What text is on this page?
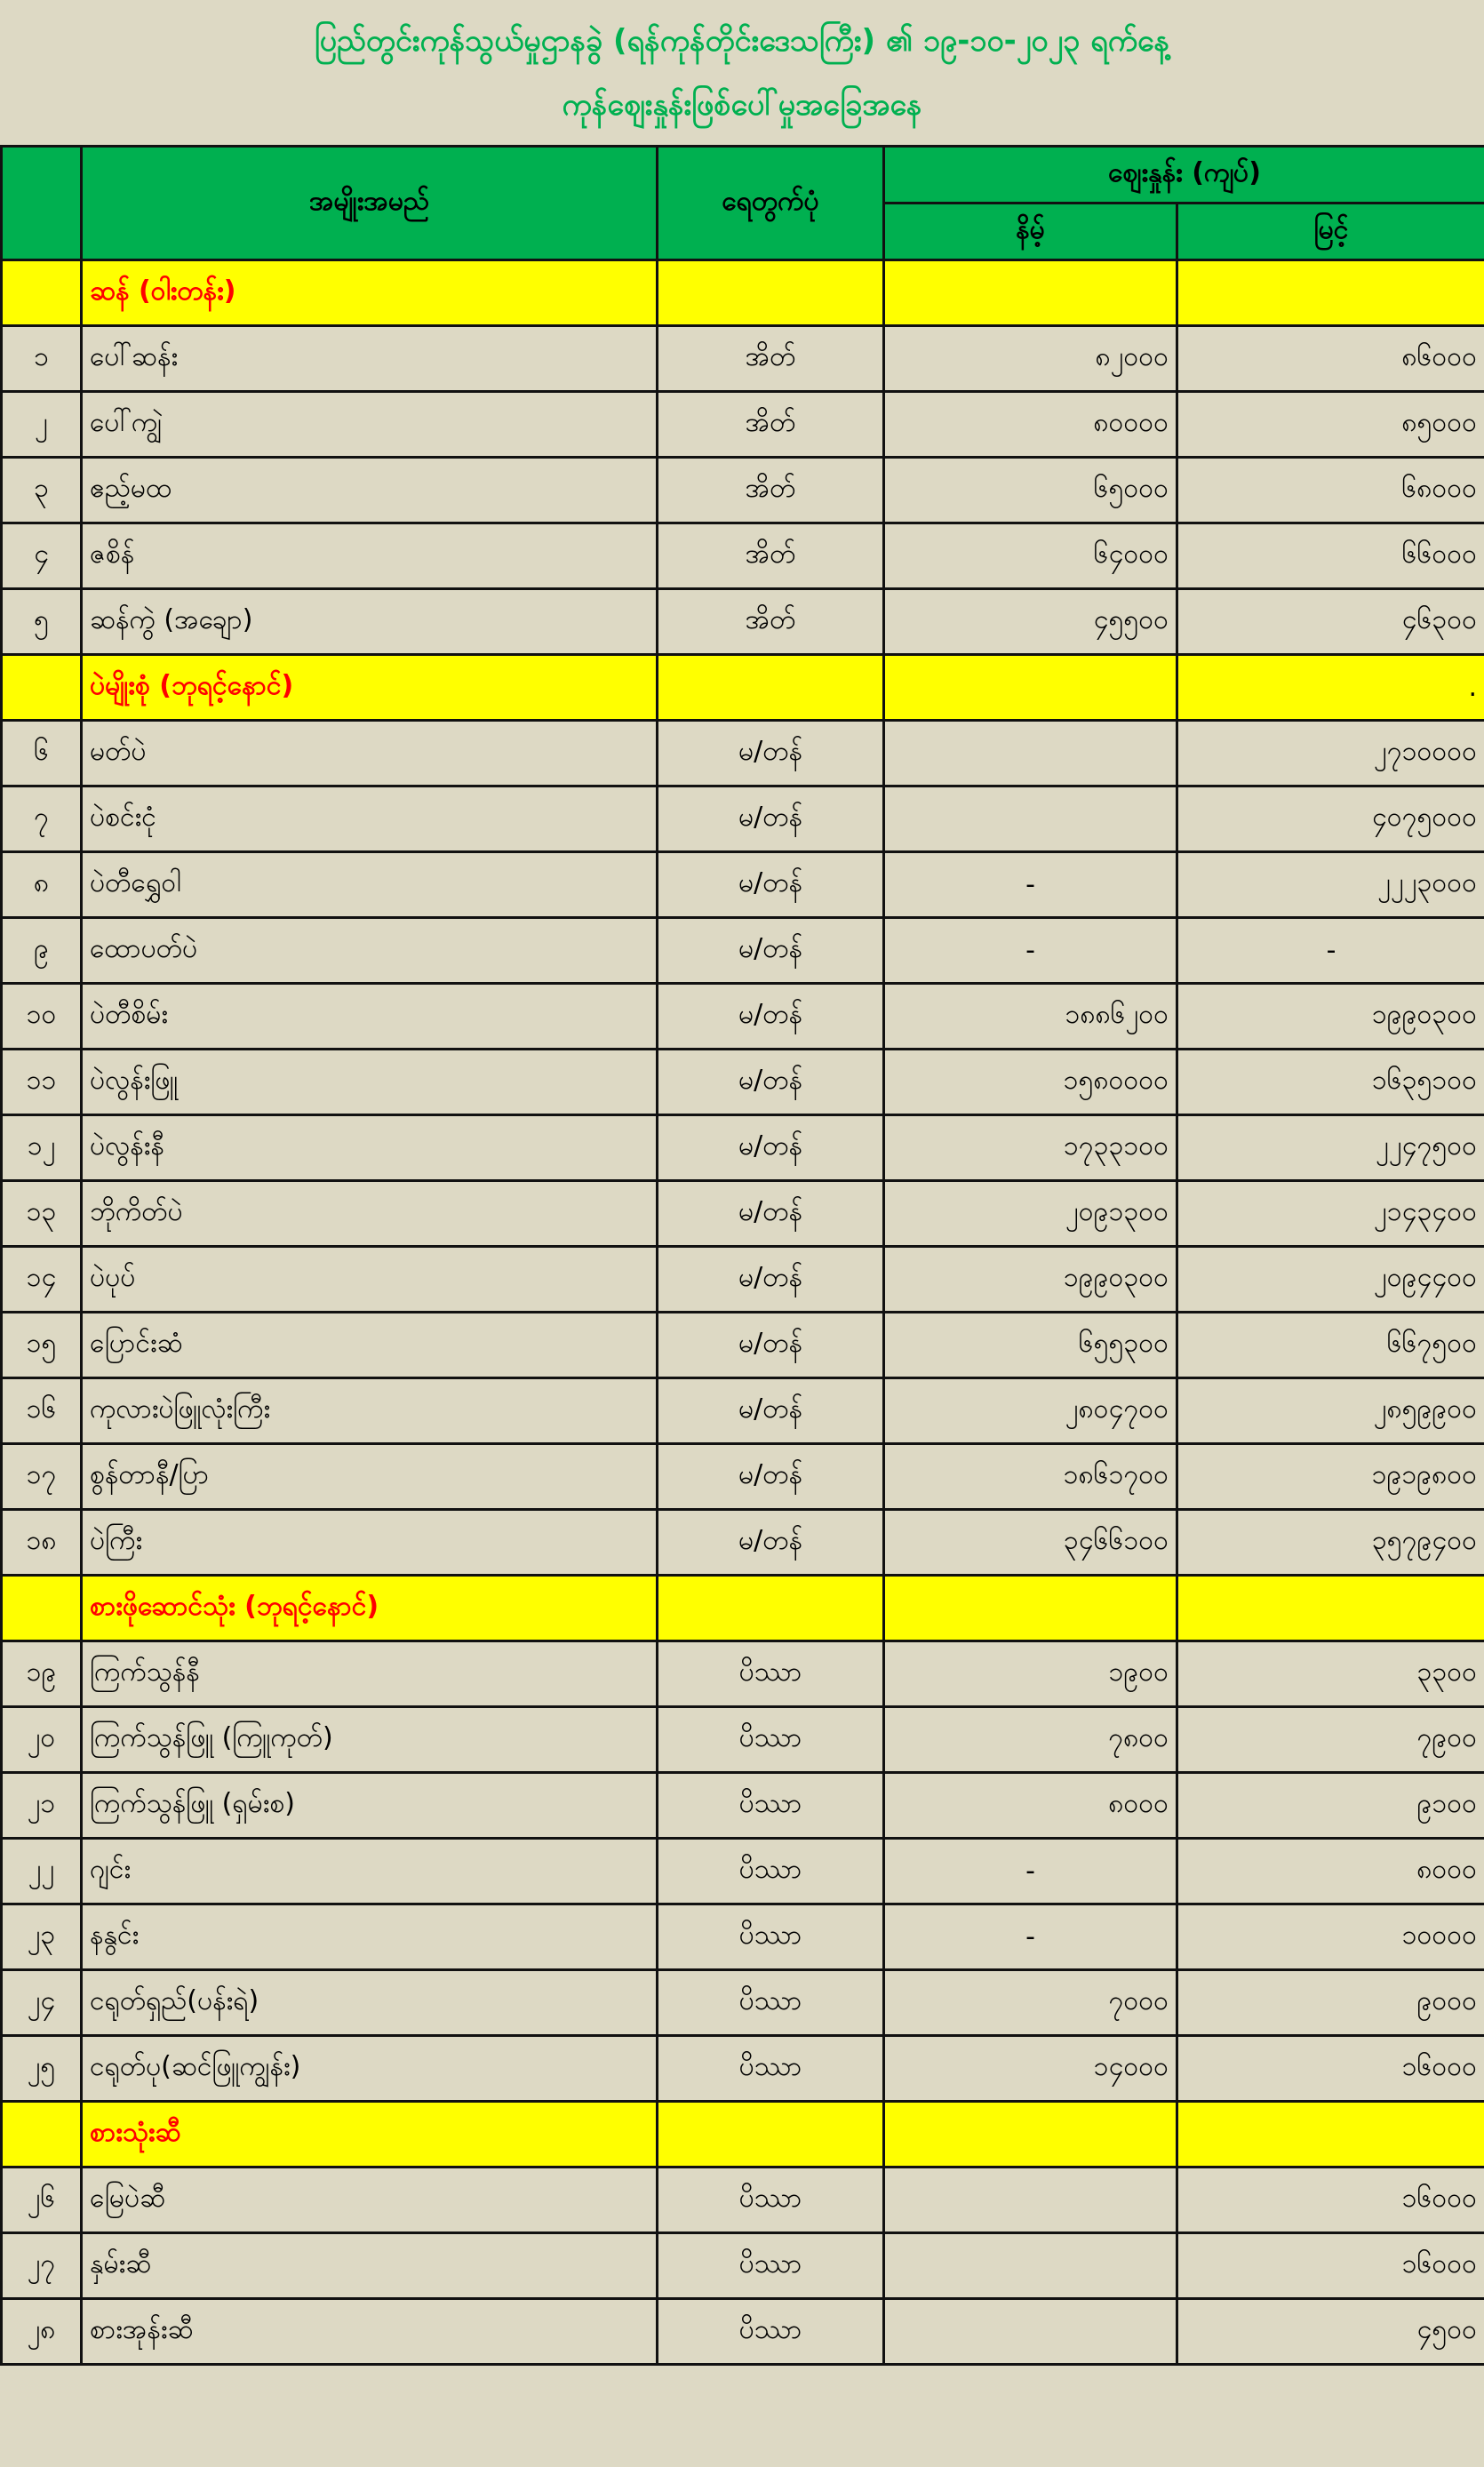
ပြည်တွင်းကုန်သွယ်မှုဌာနခွဲ (ရန်ကုန်တိုင်းဒေသကြီး) ၏ ၁၉-၁၀-၂၀၂၃ ရက်နေ့
ကုန်ဈေးနှုန်းဖြစ်ပေါ်မှုအခြေအနေ
	အမျိုးအမည်	ရေတွက်ပုံ	ဈေးနှုန်း (ကျပ်)	
			နိမ့်	မြင့်
	ဆန် (ဝါးတန်း)			
၁	ပေါ်ဆန်း	အိတ်	၈၂၀၀၀	၈၆၀၀၀
၂	ပေါ်ကျွဲ	အိတ်	၈၀၀၀၀	၈၅၀၀၀
၃	ဧည့်မထ	အိတ်	၆၅၀၀၀	၆၈၀၀၀
၄	ဇစိန်	အိတ်	၆၄၀၀၀	၆၆၀၀၀
၅	ဆန်ကွဲ (အချော)	အိတ်	၄၅၅၀၀	၄၆၃၀၀
	ပဲမျိုးစုံ (ဘုရင့်နောင်)			.
၆	မတ်ပဲ	မ/တန်		၂၇၁၀၀၀၀
၇	ပဲစင်းငုံ	မ/တန်		၄၀၇၅၀၀၀
၈	ပဲတီရွှေဝါ	မ/တန်	-	၂၂၂၃၀၀၀
၉	ထောပတ်ပဲ	မ/တန်	-	-
၁၀	ပဲတီစိမ်း	မ/တန်	၁၈၈၆၂၀၀	၁၉၉၀၃၀၀
၁၁	ပဲလွန်းဖြူ	မ/တန်	၁၅၈၀၀၀၀	၁၆၃၅၁၀၀
၁၂	ပဲလွန်းနီ	မ/တန်	၁၇၃၃၁၀၀	၂၂၄၇၅၀၀
၁၃	ဘိုကိတ်ပဲ	မ/တန်	၂၀၉၁၃၀၀	၂၁၄၃၄၀၀
၁၄	ပဲပုပ်	မ/တန်	၁၉၉၀၃၀၀	၂၀၉၄၄၀၀
၁၅	ပြောင်းဆံ	မ/တန်	၆၅၅၃၀၀	၆၆၇၅၀၀
၁၆	ကုလားပဲဖြူလုံးကြီး	မ/တန်	၂၈၀၄၇၀၀	၂၈၅၉၉၀၀
၁၇	စွန်တာနီ/ပြာ	မ/တန်	၁၈၆၁၇၀၀	၁၉၁၉၈၀၀
၁၈	ပဲကြီး	မ/တန်	၃၄၆၆၁၀၀	၃၅၇၉၄၀၀
	စားဖိုဆောင်သုံး (ဘုရင့်နောင်)			
၁၉	ကြက်သွန်နီ	ပိဿာ	၁၉၀၀	၃၃၀၀
၂၀	ကြက်သွန်ဖြူ (ကြူကုတ်)	ပိဿာ	၇၈၀၀	၇၉၀၀
၂၁	ကြက်သွန်ဖြူ (ရှမ်းစ)	ပိဿာ	၈၀၀၀	၉၁၀၀
၂၂	ဂျင်း	ပိဿာ	-	၈၀၀၀
၂၃	နနွင်း	ပိဿာ	-	၁၀၀၀၀
၂၄	ငရုတ်ရှည်(ပန်းရဲ)	ပိဿာ	၇၀၀၀	၉၀၀၀
၂၅	ငရုတ်ပု(ဆင်ဖြူကျွန်း)	ပိဿာ	၁၄၀၀၀	၁၆၀၀၀
	စားသုံးဆီ			
၂၆	မြေပဲဆီ	ပိဿာ		၁၆၀၀၀
၂၇	နှမ်းဆီ	ပိဿာ		၁၆၀၀၀
၂၈	စားအုန်းဆီ	ပိဿာ		၄၅၀၀
